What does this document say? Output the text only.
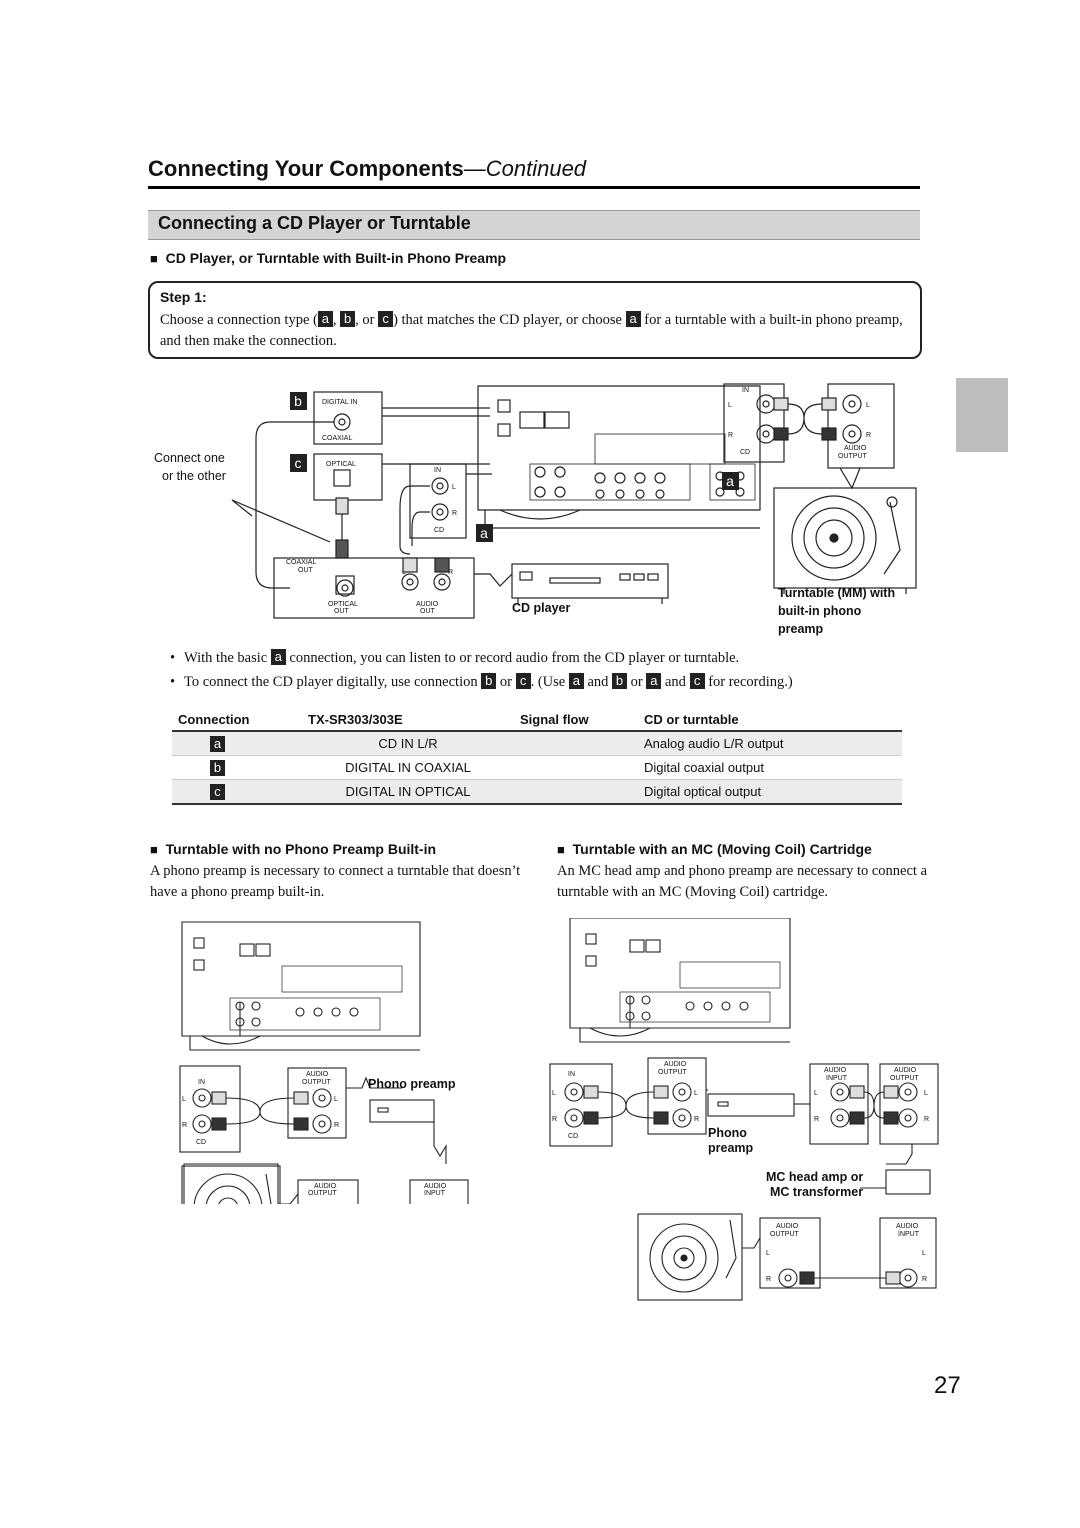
Connecting Your Components—Continued
Connecting a CD Player or Turntable
■ CD Player, or Turntable with Built-in Phono Preamp
Step 1:
Choose a connection type ( a , b , or c ) that matches the CD player, or choose a for a turntable with a built-in phono preamp, and then make the connection.
b
c
a
a
DIGITAL IN
COAXIAL
OPTICAL
IN
L
R
CD
Connect one
or the other
COAXIAL
OUT
OPTICAL
OUT
AUDIO
OUT
L	R
CD player
IN
L
R
CD
L
R
AUDIO
OUTPUT
Turntable (MM) with
built-in phono
preamp
• With the basic a connection, you can listen to or record audio from the CD player or turntable.
• To connect the CD player digitally, use connection b or c . (Use a and b or a and c for recording.)
Connection	TX-SR303/303E	Signal flow	CD or turntable
a	CD IN L/R		Analog audio L/R output
b	DIGITAL IN COAXIAL		Digital coaxial output
c	DIGITAL IN OPTICAL		Digital optical output
■ Turntable with no Phono Preamp Built-in
A phono preamp is necessary to connect a turntable that doesn’t have a phono preamp built-in.
■ Turntable with an MC (Moving Coil) Cartridge
An MC head amp and phono preamp are necessary to connect a turntable with an MC (Moving Coil) cartridge.
IN
L
R
CD
AUDIO
OUTPUT
L
R
Phono preamp
AUDIO
OUTPUT
AUDIO
INPUT
IN
L
R
CD
AUDIO
OUTPUT
L
R
Phono
preamp
AUDIO
INPUT
L
R
AUDIO
OUTPUT
L
R
MC head amp or
MC transformer
AUDIO
OUTPUT
L
R
AUDIO
INPUT
L
R
27
